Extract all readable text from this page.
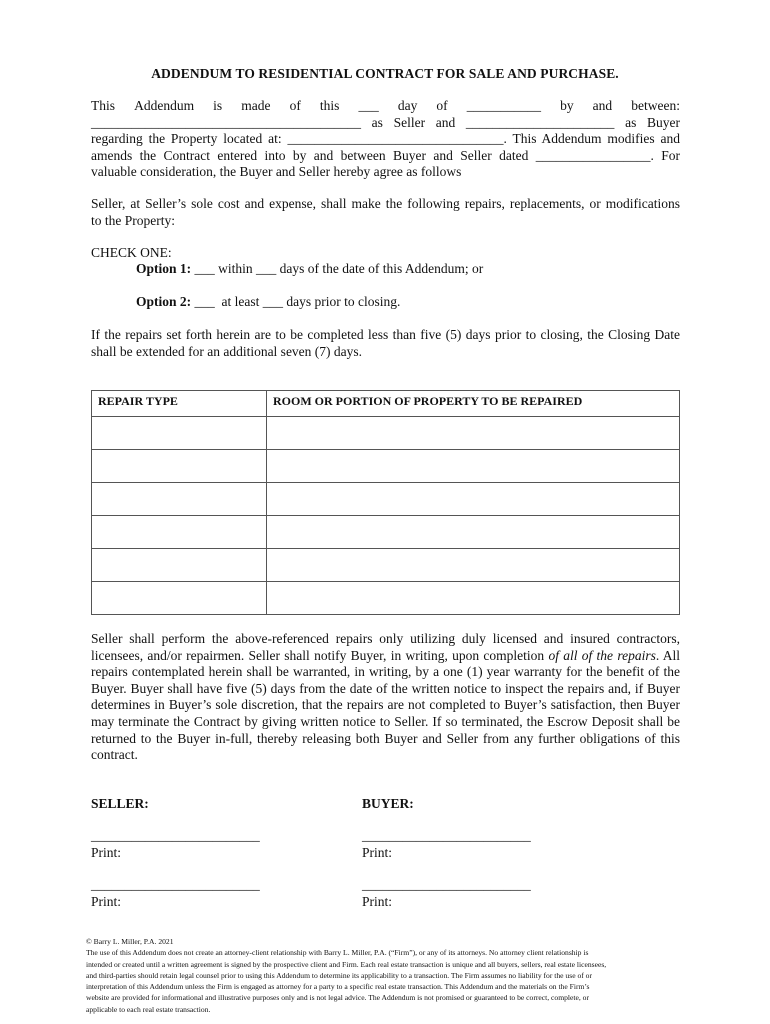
ADDENDUM TO RESIDENTIAL CONTRACT FOR SALE AND PURCHASE.
This Addendum is made of this ___ day of ___________ by and between:
________________________________________ as Seller and ______________________ as Buyer
regarding the Property located at: ________________________________. This Addendum modifies and
amends the Contract entered into by and between Buyer and Seller dated _________________. For
valuable consideration, the Buyer and Seller hereby agree as follows
Seller, at Seller’s sole cost and expense, shall make the following repairs, replacements, or modifications
to the Property:
CHECK ONE:
Option 1: ___ within ___ days of the date of this Addendum; or
Option 2: ___  at least ___ days prior to closing.
If the repairs set forth herein are to be completed less than five (5) days prior to closing, the Closing Date
shall be extended for an additional seven (7) days.
REPAIR TYPE	ROOM OR PORTION OF PROPERTY TO BE REPAIRED

Seller shall perform the above-referenced repairs only utilizing duly licensed and insured contractors,
licensees, and/or repairmen. Seller shall notify Buyer, in writing, upon completion of all of the repairs. All
repairs contemplated herein shall be warranted, in writing, by a one (1) year warranty for the benefit of the
Buyer. Buyer shall have five (5) days from the date of the written notice to inspect the repairs and, if Buyer
determines in Buyer’s sole discretion, that the repairs are not completed to Buyer’s satisfaction, then Buyer
may terminate the Contract by giving written notice to Seller. If so terminated, the Escrow Deposit shall be
returned to the Buyer in-full, thereby releasing both Buyer and Seller from any further obligations of this
contract.
SELLER:	BUYER:
_________________________
Print:
_________________________
Print:
_________________________
Print:
_________________________
Print:
© Barry L. Miller, P.A. 2021
The use of this Addendum does not create an attorney-client relationship with Barry L. Miller, P.A. (“Firm”), or any of its attorneys. No attorney client relationship is
intended or created until a written agreement is signed by the prospective client and Firm. Each real estate transaction is unique and all buyers, sellers, real estate licensees,
and third-parties should retain legal counsel prior to using this Addendum to determine its applicability to a transaction. The Firm assumes no liability for the use of or
interpretation of this Addendum unless the Firm is engaged as attorney for a party to a specific real estate transaction. This Addendum and the materials on the Firm’s
website are provided for informational and illustrative purposes only and is not legal advice. The Addendum is not promised or guaranteed to be correct, complete, or
applicable to each real estate transaction.
